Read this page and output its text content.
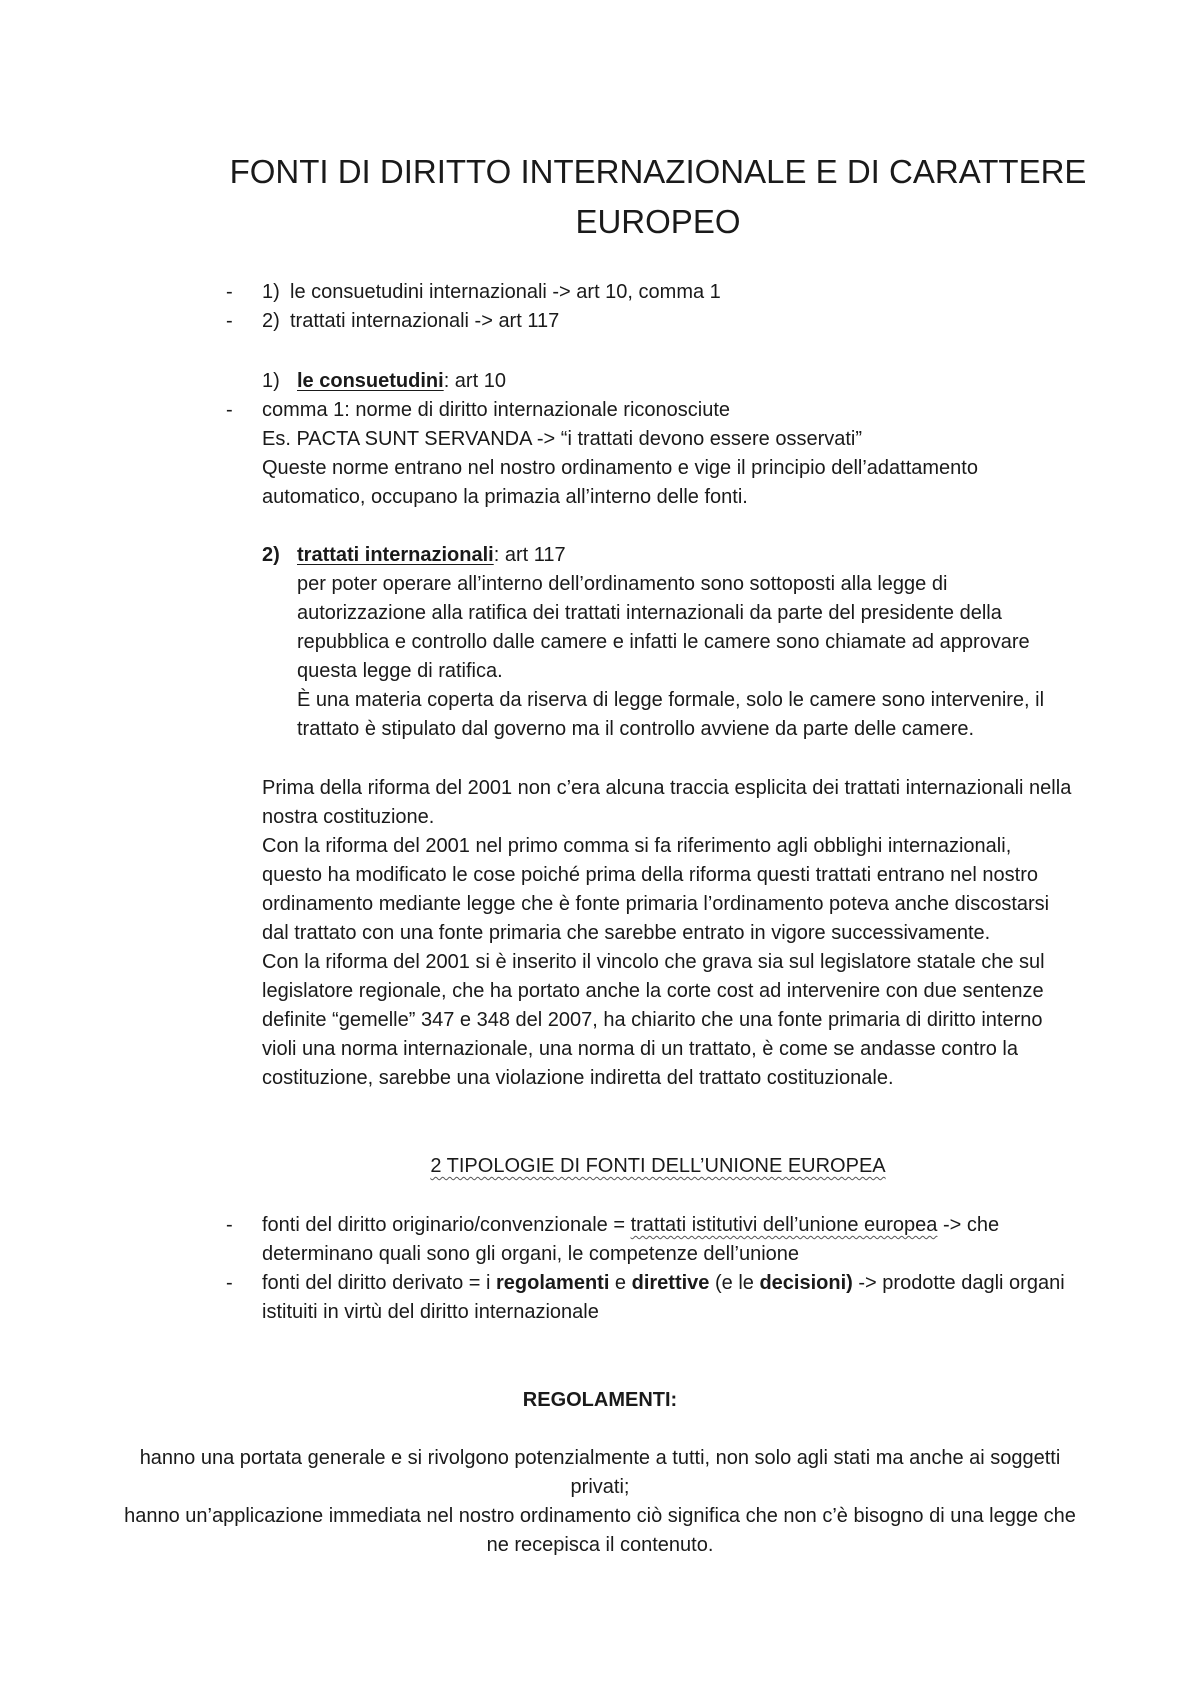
FONTI DI DIRITTO INTERNAZIONALE E DI CARATTERE
EUROPEO
- 1) le consuetudini internazionali -> art 10, comma 1
- 2) trattati internazionali -> art 117
1) le consuetudini: art 10
- comma 1: norme di diritto internazionale riconosciute
Es. PACTA SUNT SERVANDA -> “i trattati devono essere osservati”
Queste norme entrano nel nostro ordinamento e vige il principio dell’adattamento
automatico, occupano la primazia all’interno delle fonti.
2) trattati internazionali: art 117
per poter operare all’interno dell’ordinamento sono sottoposti alla legge di
autorizzazione alla ratifica dei trattati internazionali da parte del presidente della
repubblica e controllo dalle camere e infatti le camere sono chiamate ad approvare
questa legge di ratifica.
È una materia coperta da riserva di legge formale, solo le camere sono intervenire, il
trattato è stipulato dal governo ma il controllo avviene da parte delle camere.
Prima della riforma del 2001 non c’era alcuna traccia esplicita dei trattati internazionali nella
nostra costituzione.
Con la riforma del 2001 nel primo comma si fa riferimento agli obblighi internazionali,
questo ha modificato le cose poiché prima della riforma questi trattati entrano nel nostro
ordinamento mediante legge che è fonte primaria l’ordinamento poteva anche discostarsi
dal trattato con una fonte primaria che sarebbe entrato in vigore successivamente.
Con la riforma del 2001 si è inserito il vincolo che grava sia sul legislatore statale che sul
legislatore regionale, che ha portato anche la corte cost ad intervenire con due sentenze
definite “gemelle” 347 e 348 del 2007, ha chiarito che una fonte primaria di diritto interno
violi una norma internazionale, una norma di un trattato, è come se andasse contro la
costituzione, sarebbe una violazione indiretta del trattato costituzionale.
2 TIPOLOGIE DI FONTI DELL’UNIONE EUROPEA
- fonti del diritto originario/convenzionale = trattati istitutivi dell’unione europea -> che
determinano quali sono gli organi, le competenze dell’unione
- fonti del diritto derivato = i regolamenti e direttive (e le decisioni) -> prodotte dagli organi
istituiti in virtù del diritto internazionale
REGOLAMENTI:
hanno una portata generale e si rivolgono potenzialmente a tutti, non solo agli stati ma anche ai soggetti
privati;
hanno un’applicazione immediata nel nostro ordinamento ciò significa che non c’è bisogno di una legge che
ne recepisca il contenuto.
